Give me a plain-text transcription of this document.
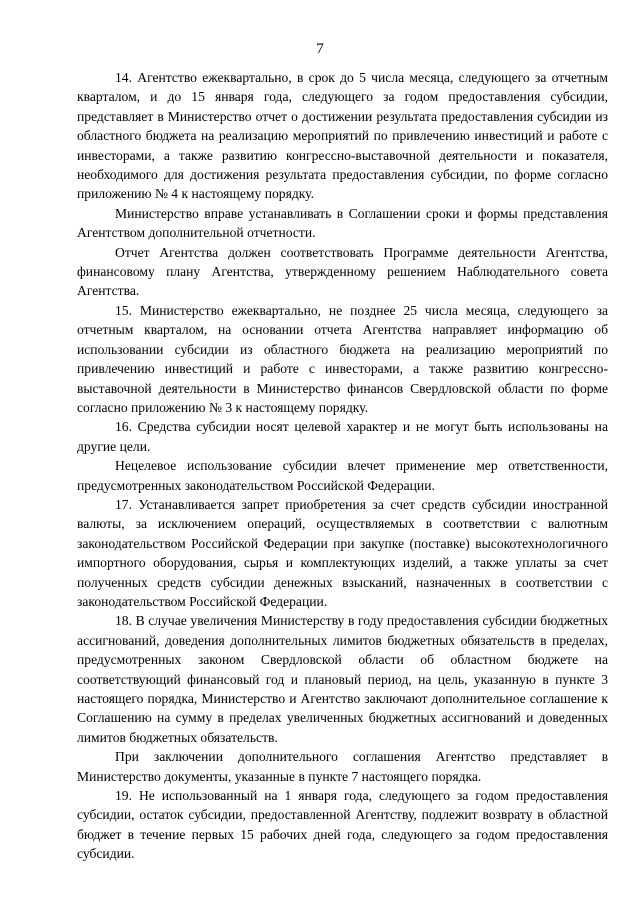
7

14. Агентство ежеквартально, в срок до 5 числа месяца, следующего за отчетным кварталом, и до 15 января года, следующего за годом предоставления субсидии, представляет в Министерство отчет о достижении результата предоставления субсидии из областного бюджета на реализацию мероприятий по привлечению инвестиций и работе с инвесторами, а также развитию конгрессно-выставочной деятельности и показателя, необходимого для достижения результата предоставления субсидии, по форме согласно приложению № 4 к настоящему порядку.

Министерство вправе устанавливать в Соглашении сроки и формы представления Агентством дополнительной отчетности.

Отчет Агентства должен соответствовать Программе деятельности Агентства, финансовому плану Агентства, утвержденному решением Наблюдательного совета Агентства.

15. Министерство ежеквартально, не позднее 25 числа месяца, следующего за отчетным кварталом, на основании отчета Агентства направляет информацию об использовании субсидии из областного бюджета на реализацию мероприятий по привлечению инвестиций и работе с инвесторами, а также развитию конгрессно-выставочной деятельности в Министерство финансов Свердловской области по форме согласно приложению № 3 к настоящему порядку.

16. Средства субсидии носят целевой характер и не могут быть использованы на другие цели.

Нецелевое использование субсидии влечет применение мер ответственности, предусмотренных законодательством Российской Федерации.

17. Устанавливается запрет приобретения за счет средств субсидии иностранной валюты, за исключением операций, осуществляемых в соответствии с валютным законодательством Российской Федерации при закупке (поставке) высокотехнологичного импортного оборудования, сырья и комплектующих изделий, а также уплаты за счет полученных средств субсидии денежных взысканий, назначенных в соответствии с законодательством Российской Федерации.

18. В случае увеличения Министерству в году предоставления субсидии бюджетных ассигнований, доведения дополнительных лимитов бюджетных обязательств в пределах, предусмотренных законом Свердловской области об областном бюджете на соответствующий финансовый год и плановый период, на цель, указанную в пункте 3 настоящего порядка, Министерство и Агентство заключают дополнительное соглашение к Соглашению на сумму в пределах увеличенных бюджетных ассигнований и доведенных лимитов бюджетных обязательств.

При заключении дополнительного соглашения Агентство представляет в Министерство документы, указанные в пункте 7 настоящего порядка.

19. Не использованный на 1 января года, следующего за годом предоставления субсидии, остаток субсидии, предоставленной Агентству, подлежит возврату в областной бюджет в течение первых 15 рабочих дней года, следующего за годом предоставления субсидии.
